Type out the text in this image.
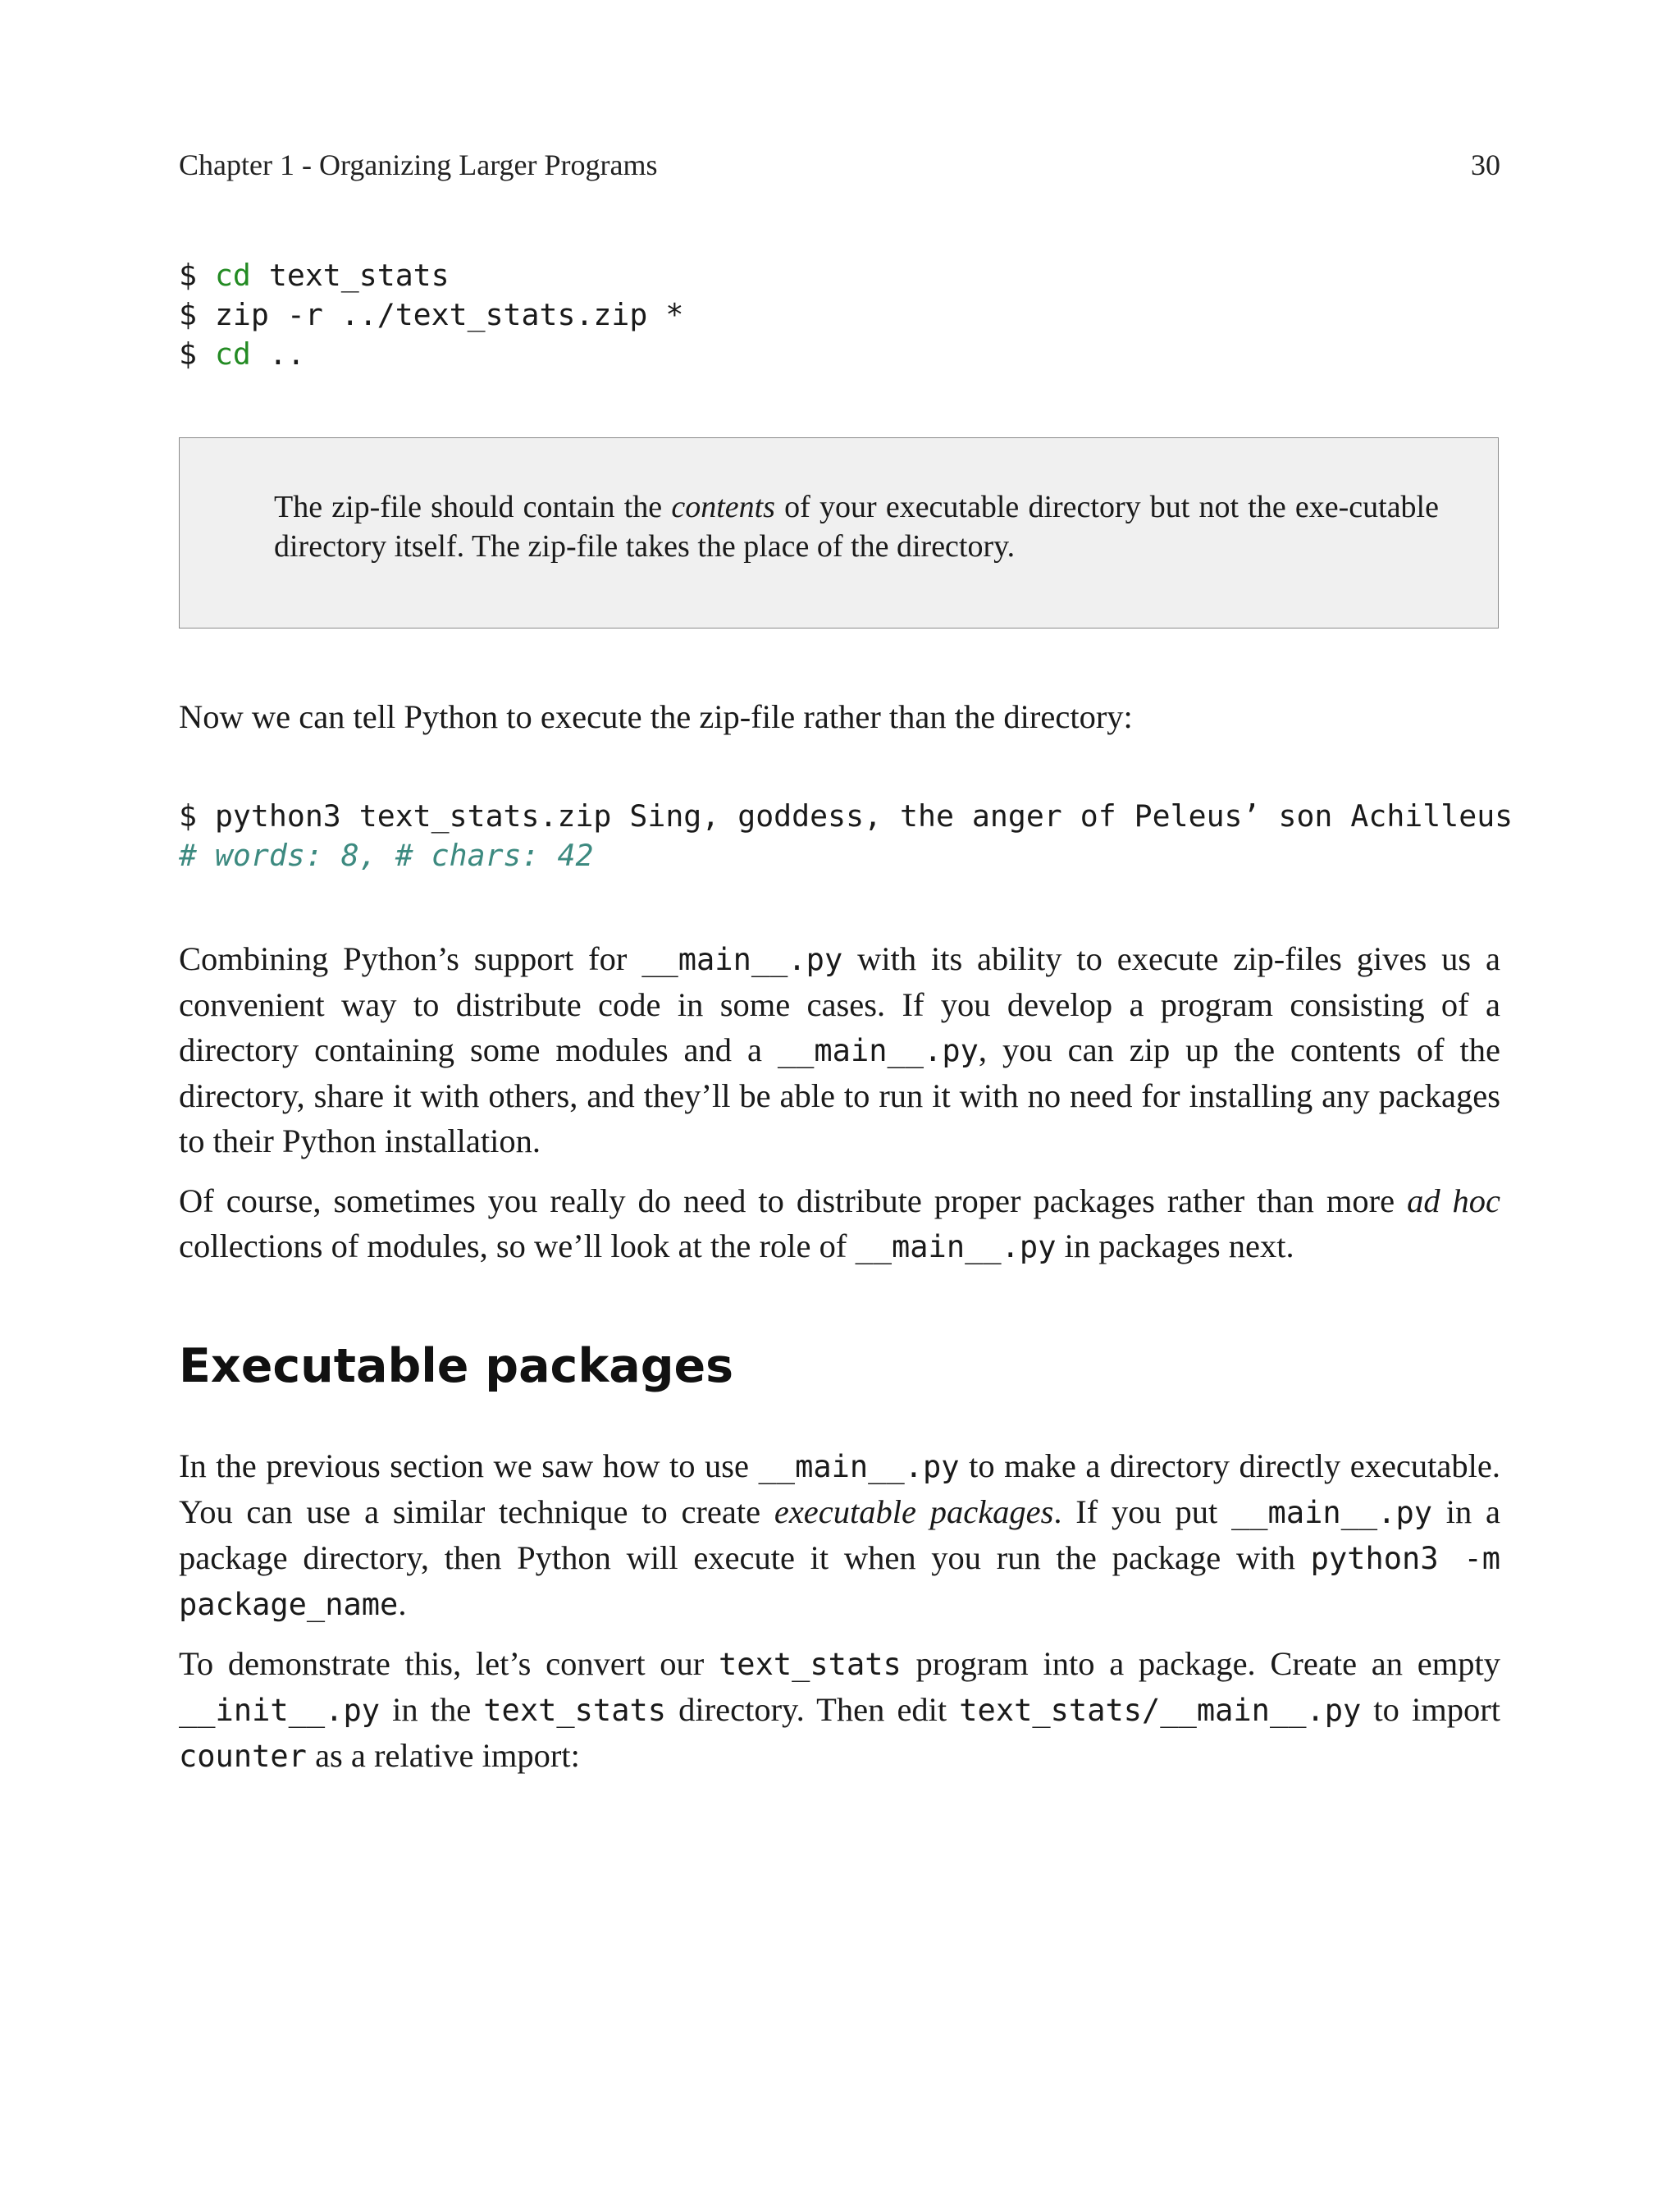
Chapter 1 - Organizing Larger Programs	30
$ cd text_stats
$ zip -r ../text_stats.zip *
$ cd ..

The zip-file should contain the contents of your executable directory but not the exe-cutable directory itself. The zip-file takes the place of the directory.

Now we can tell Python to execute the zip-file rather than the directory:

$ python3 text_stats.zip Sing, goddess, the anger of Peleus’ son Achilleus
# words: 8, # chars: 42

Combining Python’s support for __main__.py with its ability to execute zip-files gives us a convenient way to distribute code in some cases. If you develop a program consisting of a directory containing some modules and a __main__.py, you can zip up the contents of the directory, share it with others, and they’ll be able to run it with no need for installing any packages to their Python installation.

Of course, sometimes you really do need to distribute proper packages rather than more ad hoc collections of modules, so we’ll look at the role of __main__.py in packages next.

Executable packages

In the previous section we saw how to use __main__.py to make a directory directly executable. You can use a similar technique to create executable packages. If you put __main__.py in a package directory, then Python will execute it when you run the package with python3 -m package_name.

To demonstrate this, let’s convert our text_stats program into a package. Create an empty __init__.py in the text_stats directory. Then edit text_stats/__main__.py to import counter as a relative import:
